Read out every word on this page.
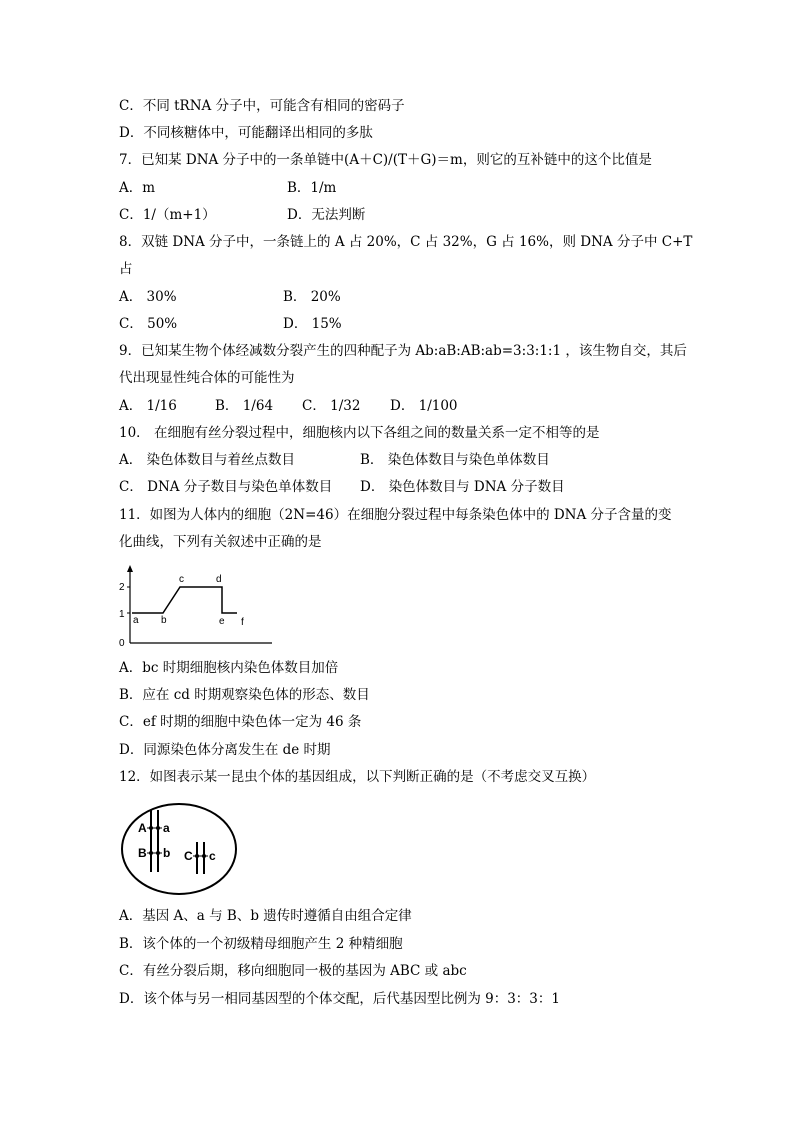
C．不同 tRNA 分子中，可能含有相同的密码子
D．不同核糖体中，可能翻译出相同的多肽
7．已知某 DNA 分子中的一条单链中(A＋C)/(T＋G)＝m，则它的互补链中的这个比值是
A．m	B．1/m
C．1/（m+1）	D．无法判断
8．双链 DNA 分子中，一条链上的 A 占 20%，C 占 32%，G 占 16%，则 DNA 分子中 C+T
占
A． 30%	B． 20%
C． 50%	D． 15%
9．已知某生物个体经减数分裂产生的四种配子为 Ab:aB:AB:ab=3:3:1:1 ，该生物自交，其后
代出现显性纯合体的可能性为
A． 1/16	B． 1/64 C． 1/32 D． 1/100
10． 在细胞有丝分裂过程中，细胞核内以下各组之间的数量关系一定不相等的是
A． 染色体数目与着丝点数目	B． 染色体数目与染色单体数目
C． DNA 分子数目与染色单体数目 D． 染色体数目与 DNA 分子数目
11．如图为人体内的细胞（2N=46）在细胞分裂过程中每条染色体中的 DNA 分子含量的变
化曲线，下列有关叙述中正确的是
0
1
2
a b
c	d
e f
A．bc 时期细胞核内染色体数目加倍
B．应在 cd 时期观察染色体的形态、数目
C．ef 时期的细胞中染色体一定为 46 条
D．同源染色体分离发生在 de 时期
12．如图表示某一昆虫个体的基因组成，以下判断正确的是（不考虑交叉互换）
A a
B b C c
A．基因 A、a 与 B、b 遗传时遵循自由组合定律
B．该个体的一个初级精母细胞产生 2 种精细胞
C．有丝分裂后期，移向细胞同一极的基因为 ABC 或 abc
D．该个体与另一相同基因型的个体交配，后代基因型比例为 9：3：3：1
